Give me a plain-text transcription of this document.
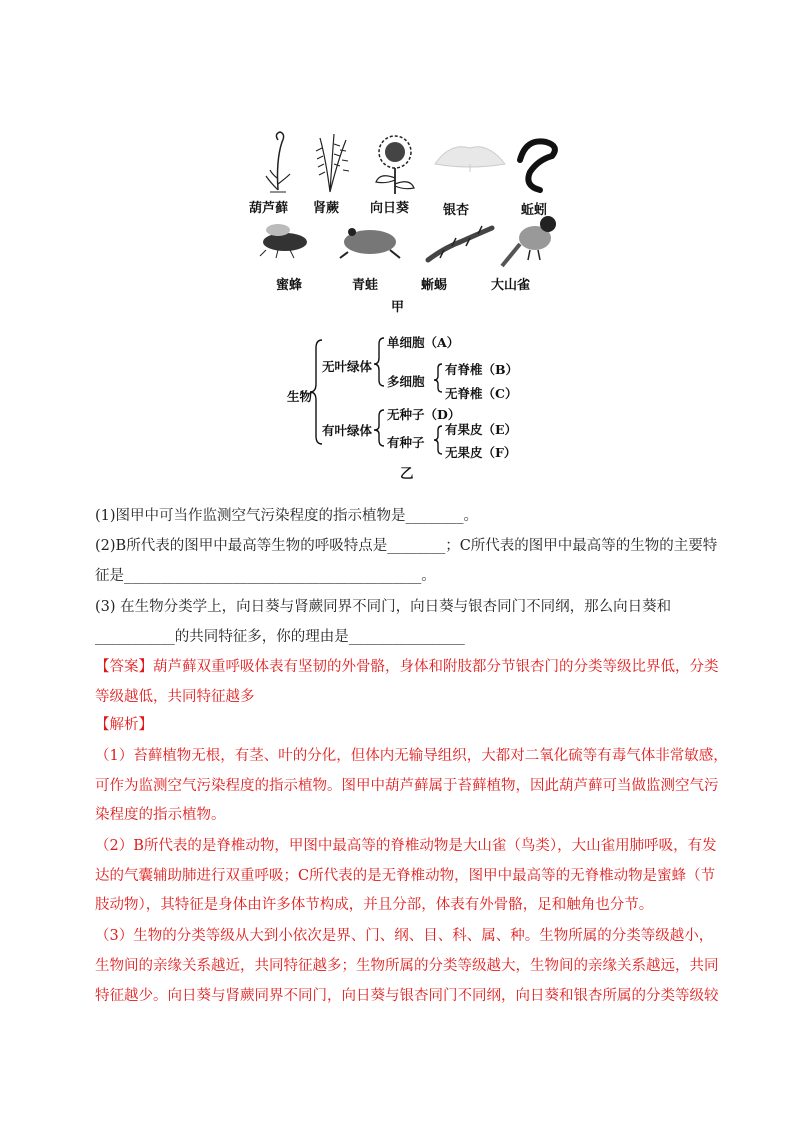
葫芦藓 肾蕨 向日葵	银杏	蚯蚓
蜜蜂	青蛙	蜥蜴	大山雀
甲
生物
无叶绿体
单细胞（A）
多细胞
有脊椎（B）
无脊椎（C）
有叶绿体
无种子（D）
有种子
有果皮（E）
无果皮（F）
乙
(1)图甲中可当作监测空气污染程度的指示植物是________。
(2)B所代表的图甲中最高等生物的呼吸特点是________；C所代表的图甲中最高等的生物的主要特
征是_________________________________________。
(3) 在生物分类学上，向日葵与肾蕨同界不同门，向日葵与银杏同门不同纲，那么向日葵和
___________的共同特征多，你的理由是________________
【答案】葫芦藓双重呼吸体表有坚韧的外骨骼，身体和附肢都分节银杏门的分类等级比界低，分类
等级越低，共同特征越多
【解析】
（1）苔藓植物无根，有茎、叶的分化，但体内无输导组织，大都对二氧化硫等有毒气体非常敏感，
可作为监测空气污染程度的指示植物。图甲中葫芦藓属于苔藓植物，因此葫芦藓可当做监测空气污
染程度的指示植物。
（2）B所代表的是脊椎动物，甲图中最高等的脊椎动物是大山雀（鸟类），大山雀用肺呼吸，有发
达的气囊辅助肺进行双重呼吸；C所代表的是无脊椎动物，图甲中最高等的无脊椎动物是蜜蜂（节
肢动物），其特征是身体由许多体节构成，并且分部，体表有外骨骼，足和触角也分节。
（3）生物的分类等级从大到小依次是界、门、纲、目、科、属、种。生物所属的分类等级越小，
生物间的亲缘关系越近，共同特征越多；生物所属的分类等级越大，生物间的亲缘关系越远，共同
特征越少。向日葵与肾蕨同界不同门，向日葵与银杏同门不同纲，向日葵和银杏所属的分类等级较
